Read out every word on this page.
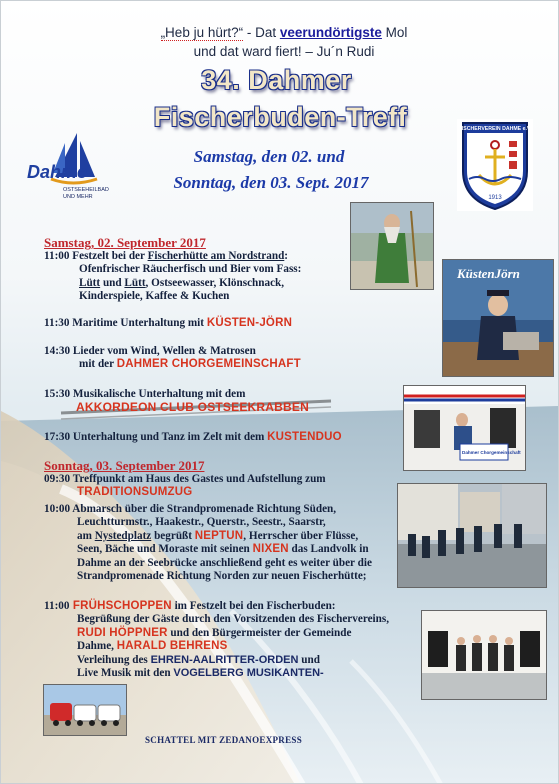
„Heb ju hürt?“ - Dat veerundörtigste Mol
und dat ward fiert! – Ju´n Rudi
34. Dahmer
Fischerbuden-Treff
Samstag, den 02. und
Sonntag, den 03. Sept. 2017
Dahme
OSTSEEHEILBAD
UND MEHR
FISCHERVEREIN DAHME e.V.
1913
KüstenJörn
Dahmer Chorgemeinschaft
Samstag, 02. September 2017
11:00 Festzelt bei der Fischerhütte am Nordstrand:
Ofenfrischer Räucherfisch und Bier vom Fass:
Lütt und Lütt, Ostseewasser, Klönschnack,
Kinderspiele, Kaffee & Kuchen
11:30 Maritime Unterhaltung mit KÜSTEN-JÖRN
14:30 Lieder vom Wind, Wellen & Matrosen
mit der DAHMER CHORGEMEINSCHAFT
15:30 Musikalische Unterhaltung mit dem
AKKORDEON CLUB OSTSEEKRABBEN
17:30 Unterhaltung und Tanz im Zelt mit dem KUSTENDUO
Sonntag, 03. September 2017
09:30 Treffpunkt am Haus des Gastes und Aufstellung zum
TRADITIONSUMZUG
10:00 Abmarsch über die Strandpromenade Richtung Süden,
Leuchtturmstr., Haakestr., Querstr., Seestr., Saarstr,
am Nystedplatz begrüßt NEPTUN, Herrscher über Flüsse,
Seen, Bäche und Moraste mit seinen NIXEN das Landvolk in
Dahme an der Seebrücke anschließend geht es weiter über die
Strandpromenade Richtung Norden zur neuen Fischerhütte;
11:00 FRÜHSCHOPPEN im Festzelt bei den Fischerbuden:
Begrüßung der Gäste durch den Vorsitzenden des Fischervereins,
RUDI HÖPPNER und den Bürgermeister der Gemeinde
Dahme, HARALD BEHRENS
Verleihung des EHREN-AALRITTER-ORDEN und
Live Musik mit den VOGELBERG MUSIKANTEN-
SCHATTEL MIT ZEDANOEXPRESS
